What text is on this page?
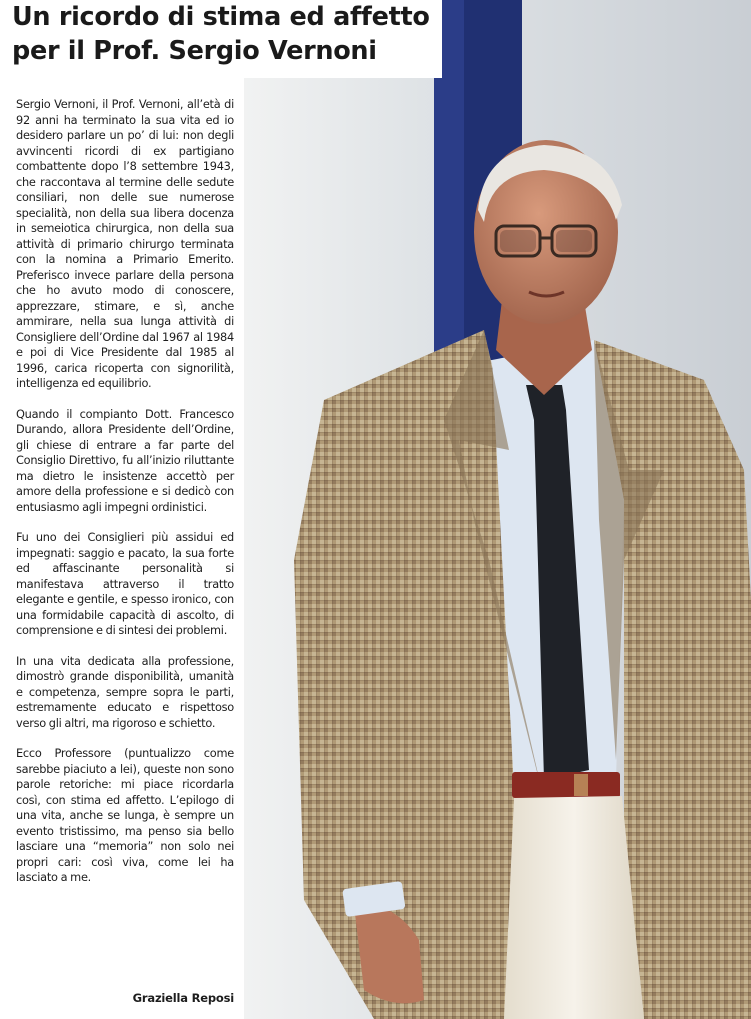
Un ricordo di stima ed affetto
per il Prof. Sergio Vernoni

Sergio Vernoni, il Prof. Vernoni, all’età di 92 anni ha terminato la sua vita ed io desidero parlare un po’ di lui: non degli avvincenti ricordi di ex partigiano combattente dopo l’8 settembre 1943, che raccontava al termine delle sedute consiliari, non delle sue numerose specialità, non della sua libera docenza in semeiotica chirurgica, non della sua attività di primario chirurgo terminata con la nomina a Primario Emerito. Preferisco invece parlare della persona che ho avuto modo di conoscere, apprezzare, stimare, e sì, anche ammirare, nella sua lunga attività di Consigliere dell’Ordine dal 1967 al 1984 e poi di Vice Presidente dal 1985 al 1996, carica ricoperta con signorilità, intelligenza ed equilibrio.

Quando il compianto Dott. Francesco Durando, allora Presidente dell’Ordine, gli chiese di entrare a far parte del Consiglio Direttivo, fu all’inizio riluttante ma dietro le insistenze accettò per amore della professione e si dedicò con entusiasmo agli impegni ordinistici.

Fu uno dei Consiglieri più assidui ed impegnati: saggio e pacato, la sua forte ed affascinante personalità si manifestava attraverso il tratto elegante e gentile, e spesso ironico, con una formidabile capacità di ascolto, di comprensione e di sintesi dei problemi.

In una vita dedicata alla professione, dimostrò grande disponibilità, umanità e competenza, sempre sopra le parti, estremamente educato e rispettoso verso gli altri, ma rigoroso e schietto.

Ecco Professore (puntualizzo come sarebbe piaciuto a lei), queste non sono parole retoriche: mi piace ricordarla così, con stima ed affetto. L’epilogo di una vita, anche se lunga, è sempre un evento tristissimo, ma penso sia bello lasciare una “memoria” non solo nei propri cari: così viva, come lei ha lasciato a me.

Graziella Reposi
